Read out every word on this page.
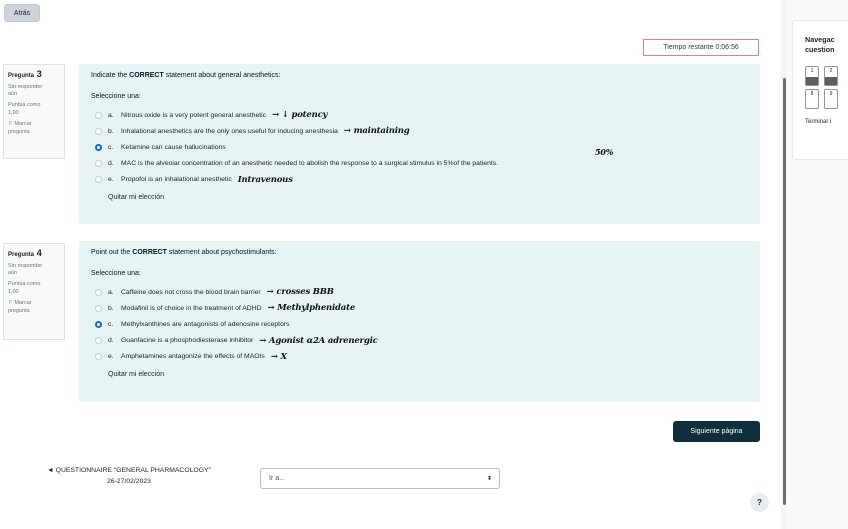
Atrás
Tiempo restante 0:06:56
Pregunta 3
Sin responder
aún
Puntúa como
1,00
⚐ Marcar
pregunta
Indicate the CORRECT statement about general anesthetics:
Seleccione una:
a.	Nitrous oxide is a very potent general anesthetic → ↓ potency
b.	Inhalational anesthetics are the only ones useful for inducing anesthesia → maintaining
c.	Ketamine can cause hallucinations
d.	MAC is the alveolar concentration of an anesthetic needed to abolish the response to a surgical stimulus in 5 % of the patients.
50%
e.	Propofol is an inhalational anesthetic Intravenous
Quitar mi elección
Pregunta 4
Sin responder
aún
Puntúa como
1,00
⚐ Marcar
pregunta
Point out the CORRECT statement about psychostimulants:
Seleccione una:
a.	Caffeine does not cross the blood brain barrier → crosses BBB
b.	Modafinil is of choice in the treatment of ADHD → Methylphenidate
c.	Methylxanthines are antagonists of adenosine receptors
d.	Guanfacine is a phosphodiesterase inhibitor → Agonist α2A adrenergic
e.	Amphetamines antagonize the effects of MAOIs → X
Quitar mi elección
Siguiente página
◄ QUESTIONNAIRE "GENERAL PHARMACOLOGY"
26-27/02/2023	Ir a...	⬍
?
Navegac
cuestion
1	2
8	9
Terminar i
